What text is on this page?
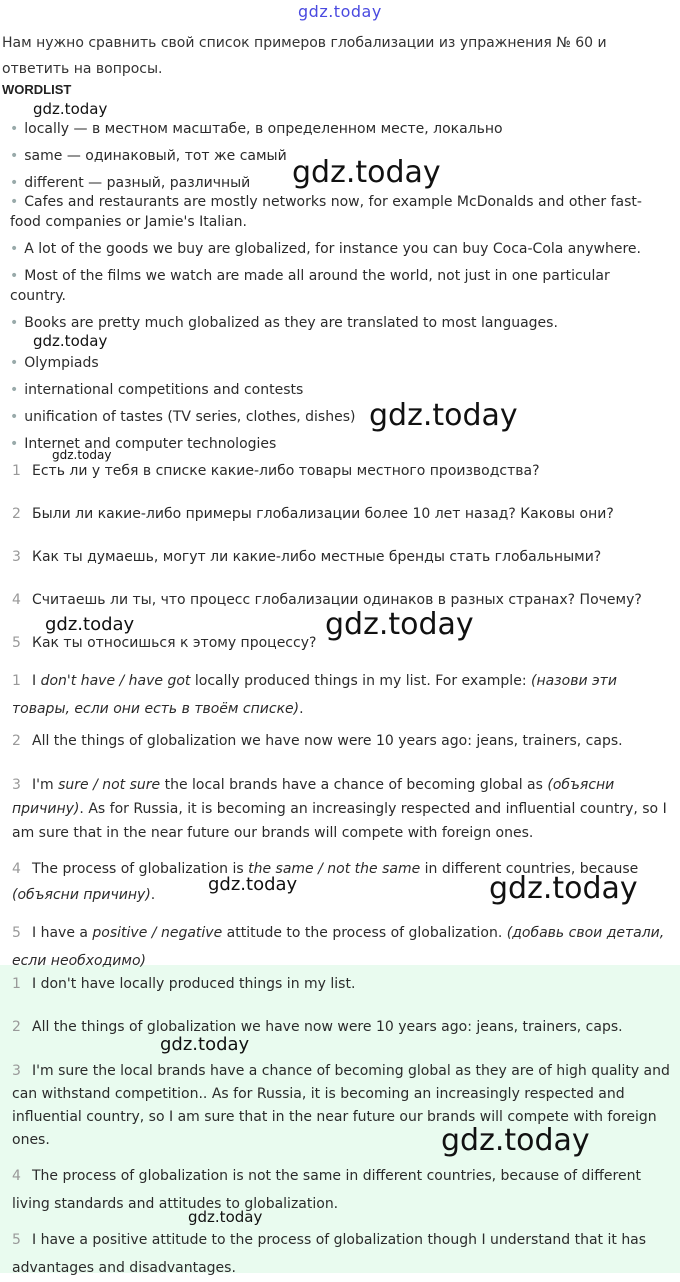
gdz.today
Нам нужно сравнить свой список примеров глобализации из упражнения № 60 и ответить на вопросы.
WORDLIST
• locally — в местном масштабе, в определенном месте, локально
• same — одинаковый, тот же самый
• different — разный, различный
• Cafes and restaurants are mostly networks now, for example McDonalds and other fast-food companies or Jamie's Italian.
• A lot of the goods we buy are globalized, for instance you can buy Coca-Cola anywhere.
• Most of the films we watch are made all around the world, not just in one particular country.
• Books are pretty much globalized as they are translated to most languages.
• Olympiads
• international competitions and contests
• unification of tastes (TV series, clothes, dishes)
• Internet and computer technologies
1 Есть ли у тебя в списке какие-либо товары местного производства?
2 Были ли какие-либо примеры глобализации более 10 лет назад? Каковы они?
3 Как ты думаешь, могут ли какие-либо местные бренды стать глобальными?
4 Считаешь ли ты, что процесс глобализации одинаков в разных странах? Почему?
5 Как ты относишься к этому процессу?
1 I don't have / have got locally produced things in my list. For example: (назови эти товары, если они есть в твоём списке).
2 All the things of globalization we have now were 10 years ago: jeans, trainers, caps.
3 I'm sure / not sure the local brands have a chance of becoming global as (объясни причину). As for Russia, it is becoming an increasingly respected and influential country, so I am sure that in the near future our brands will compete with foreign ones.
4 The process of globalization is the same / not the same in different countries, because (объясни причину).
5 I have a positive / negative attitude to the process of globalization. (добавь свои детали, если необходимо)
1 I don't have locally produced things in my list.
2 All the things of globalization we have now were 10 years ago: jeans, trainers, caps.
3 I'm sure the local brands have a chance of becoming global as they are of high quality and can withstand competition.. As for Russia, it is becoming an increasingly respected and influential country, so I am sure that in the near future our brands will compete with foreign ones.
4 The process of globalization is not the same in different countries, because of different living standards and attitudes to globalization.
5 I have a positive attitude to the process of globalization though I understand that it has advantages and disadvantages.
gdz.today
gdz.today
gdz.today
gdz.today
gdz.today
gdz.today	gdz.today
gdz.today	gdz.today
gdz.today
gdz.today
gdz.today
